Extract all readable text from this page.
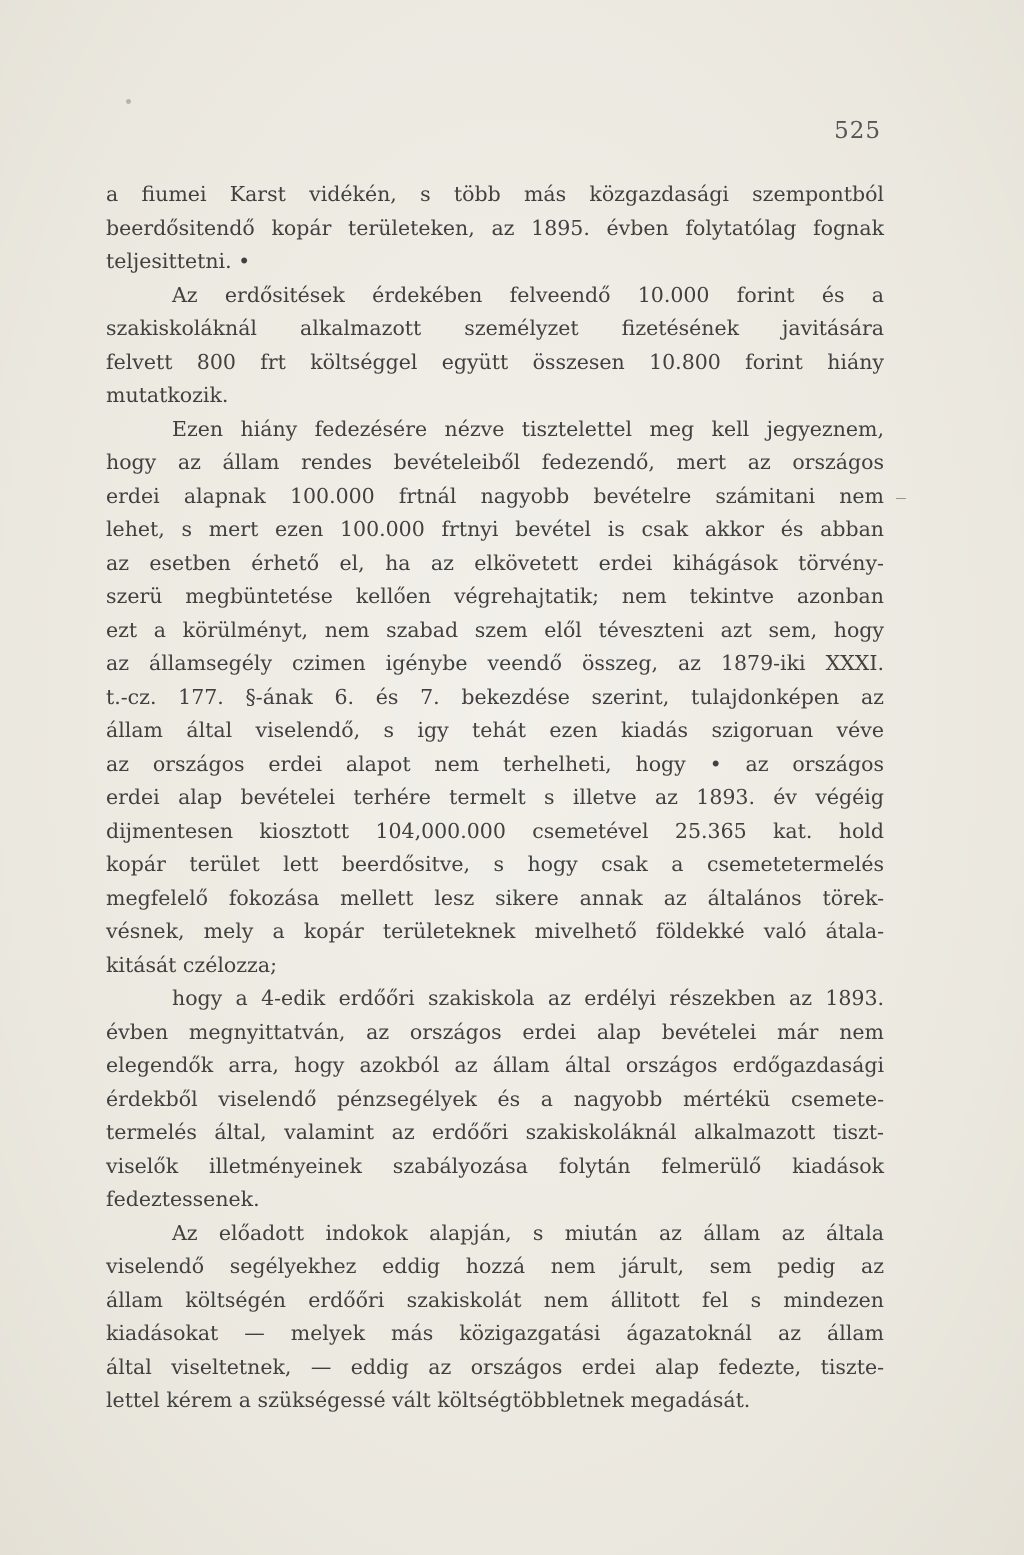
525
a fiumei Karst vidékén, s több más közgazdasági szempontból
beerdősitendő kopár területeken, az 1895. évben folytatólag fognak
teljesittetni. •
Az erdősitések érdekében felveendő 10.000 forint és a
szakiskoláknál alkalmazott személyzet fizetésének javitására
felvett 800 frt költséggel együtt összesen 10.800 forint hiány
mutatkozik.
Ezen hiány fedezésére nézve tisztelettel meg kell jegyeznem,
hogy az állam rendes bevételeiből fedezendő, mert az országos
erdei alapnak 100.000 frtnál nagyobb bevételre számitani nem
lehet, s mert ezen 100.000 frtnyi bevétel is csak akkor és abban
az esetben érhető el, ha az elkövetett erdei kihágások törvény-
szerü megbüntetése kellően végrehajtatik; nem tekintve azonban
ezt a körülményt, nem szabad szem elől téveszteni azt sem, hogy
az államsegély czimen igénybe veendő összeg, az 1879-iki XXXI.
t.-cz. 177. §-ának 6. és 7. bekezdése szerint, tulajdonképen az
állam által viselendő, s igy tehát ezen kiadás szigoruan véve
az országos erdei alapot nem terhelheti, hogy • az országos
erdei alap bevételei terhére termelt s illetve az 1893. év végéig
dijmentesen kiosztott 104,000.000 csemetével 25.365 kat. hold
kopár terület lett beerdősitve, s hogy csak a csemetetermelés
megfelelő fokozása mellett lesz sikere annak az általános törek-
vésnek, mely a kopár területeknek mivelhető földekké való átala-
kitását czélozza;
hogy a 4-edik erdőőri szakiskola az erdélyi részekben az 1893.
évben megnyittatván, az országos erdei alap bevételei már nem
elegendők arra, hogy azokból az állam által országos erdőgazdasági
érdekből viselendő pénzsegélyek és a nagyobb mértékü csemete-
termelés által, valamint az erdőőri szakiskoláknál alkalmazott tiszt-
viselők illetményeinek szabályozása folytán felmerülő kiadások
fedeztessenek.
Az előadott indokok alapján, s miután az állam az általa
viselendő segélyekhez eddig hozzá nem járult, sem pedig az
állam költségén erdőőri szakiskolát nem állitott fel s mindezen
kiadásokat — melyek más közigazgatási ágazatoknál az állam
által viseltetnek, — eddig az országos erdei alap fedezte, tiszte-
lettel kérem a szükségessé vált költségtöbbletnek megadását.
